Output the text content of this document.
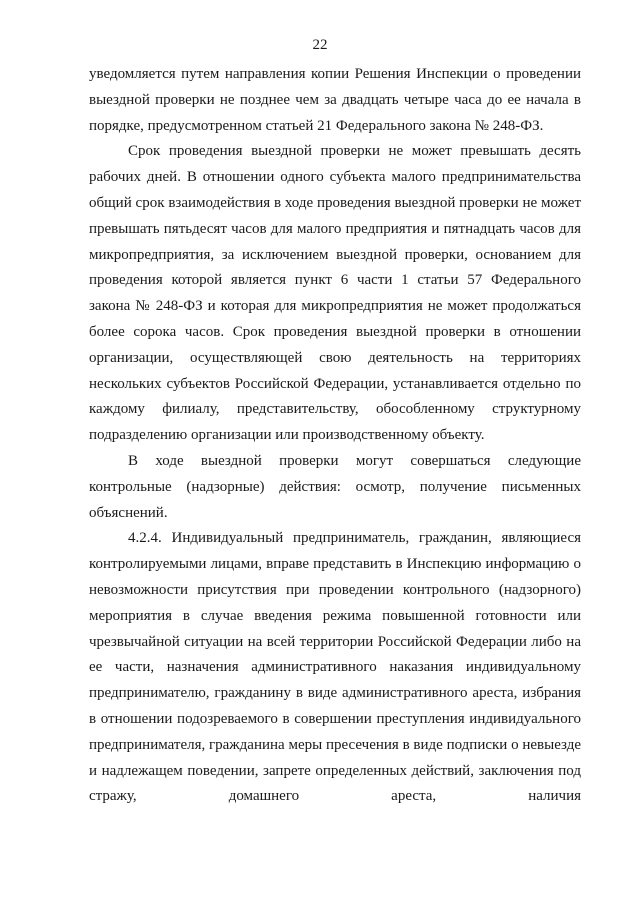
22

уведомляется путем направления копии Решения Инспекции о проведении выездной проверки не позднее чем за двадцать четыре часа до ее начала в порядке, предусмотренном статьей 21 Федерального закона № 248-ФЗ.

Срок проведения выездной проверки не может превышать десять рабочих дней. В отношении одного субъекта малого предпринимательства общий срок взаимодействия в ходе проведения выездной проверки не может превышать пятьдесят часов для малого предприятия и пятнадцать часов для микропредприятия, за исключением выездной проверки, основанием для проведения которой является пункт 6 части 1 статьи 57 Федерального закона № 248-ФЗ и которая для микропредприятия не может продолжаться более сорока часов. Срок проведения выездной проверки в отношении организации, осуществляющей свою деятельность на территориях нескольких субъектов Российской Федерации, устанавливается отдельно по каждому филиалу, представительству, обособленному структурному подразделению организации или производственному объекту.

В ходе выездной проверки могут совершаться следующие контрольные (надзорные) действия: осмотр, получение письменных объяснений.

4.2.4. Индивидуальный предприниматель, гражданин, являющиеся контролируемыми лицами, вправе представить в Инспекцию информацию о невозможности присутствия при проведении контрольного (надзорного) мероприятия в случае введения режима повышенной готовности или чрезвычайной ситуации на всей территории Российской Федерации либо на ее части, назначения административного наказания индивидуальному предпринимателю, гражданину в виде административного ареста, избрания в отношении подозреваемого в совершении преступления индивидуального предпринимателя, гражданина меры пресечения в виде подписки о невыезде и надлежащем поведении, запрете определенных действий, заключения под стражу, домашнего ареста, наличия
